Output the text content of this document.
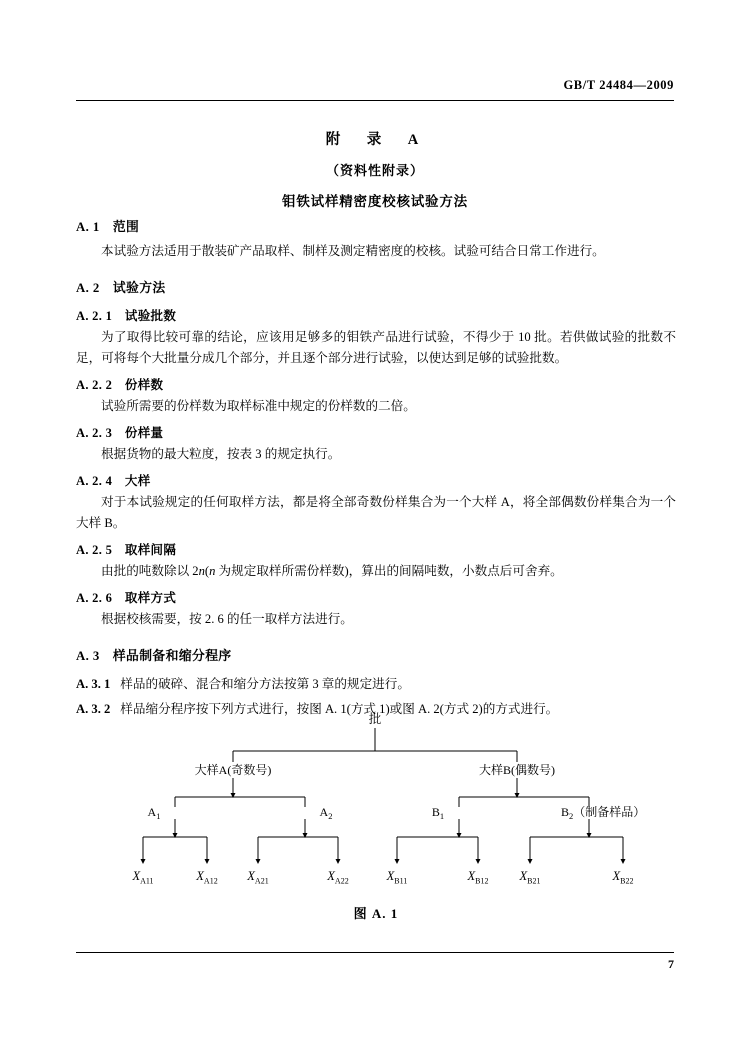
GB/T 24484—2009
附　录　A
（资料性附录）
钼铁试样精密度校核试验方法
A. 1　范围
本试验方法适用于散装矿产品取样、制样及测定精密度的校核。试验可结合日常工作进行。
A. 2　试验方法
A. 2. 1　试验批数
为了取得比较可靠的结论，应该用足够多的钼铁产品进行试验，不得少于 10 批。若供做试验的批数不足，可将每个大批量分成几个部分，并且逐个部分进行试验，以使达到足够的试验批数。
A. 2. 2　份样数
试验所需要的份样数为取样标准中规定的份样数的二倍。
A. 2. 3　份样量
根据货物的最大粒度，按表 3 的规定执行。
A. 2. 4　大样
对于本试验规定的任何取样方法，都是将全部奇数份样集合为一个大样 A，将全部偶数份样集合为一个大样 B。
A. 2. 5　取样间隔
由批的吨数除以 2n(n 为规定取样所需份样数)，算出的间隔吨数，小数点后可舍弃。
A. 2. 6　取样方式
根据校核需要，按 2. 6 的任一取样方法进行。
A. 3　样品制备和缩分程序
A. 3. 1 样品的破碎、混合和缩分方法按第 3 章的规定进行。
A. 3. 2 样品缩分程序按下列方式进行，按图 A. 1(方式 1)或图 A. 2(方式 2)的方式进行。
批
大样A(奇数号)	大样B(偶数号)
$A_1$	$A_2$	$B_1$	$B_2$（制备样品）
$X_{A11}$	$X_{A12}$ $X_{A21}$	$X_{A22}$	$X_{B11}$	$X_{B12}$ $X_{B21}$	$X_{B22}$
图 A. 1
7
